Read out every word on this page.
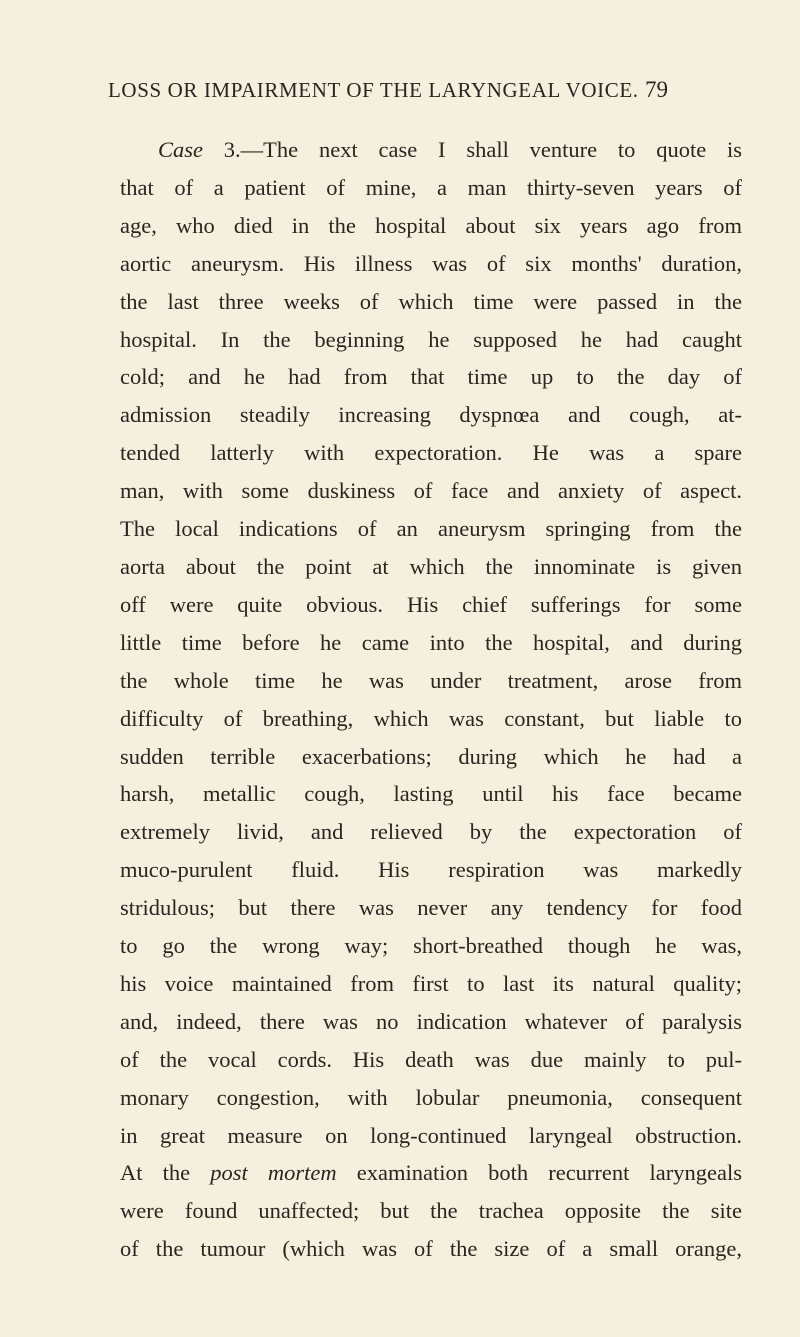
LOSS OR IMPAIRMENT OF THE LARYNGEAL VOICE. 79
Case 3.—The next case I shall venture to quote is
that of a patient of mine, a man thirty-seven years of
age, who died in the hospital about six years ago from
aortic aneurysm. His illness was of six months' duration,
the last three weeks of which time were passed in the
hospital. In the beginning he supposed he had caught
cold; and he had from that time up to the day of
admission steadily increasing dyspnœa and cough, at-
tended latterly with expectoration. He was a spare
man, with some duskiness of face and anxiety of aspect.
The local indications of an aneurysm springing from the
aorta about the point at which the innominate is given
off were quite obvious. His chief sufferings for some
little time before he came into the hospital, and during
the whole time he was under treatment, arose from
difficulty of breathing, which was constant, but liable to
sudden terrible exacerbations; during which he had a
harsh, metallic cough, lasting until his face became
extremely livid, and relieved by the expectoration of
muco-purulent fluid. His respiration was markedly
stridulous; but there was never any tendency for food
to go the wrong way; short-breathed though he was,
his voice maintained from first to last its natural quality;
and, indeed, there was no indication whatever of paralysis
of the vocal cords. His death was due mainly to pul-
monary congestion, with lobular pneumonia, consequent
in great measure on long-continued laryngeal obstruction.
At the post mortem examination both recurrent laryngeals
were found unaffected; but the trachea opposite the site
of the tumour (which was of the size of a small orange,
